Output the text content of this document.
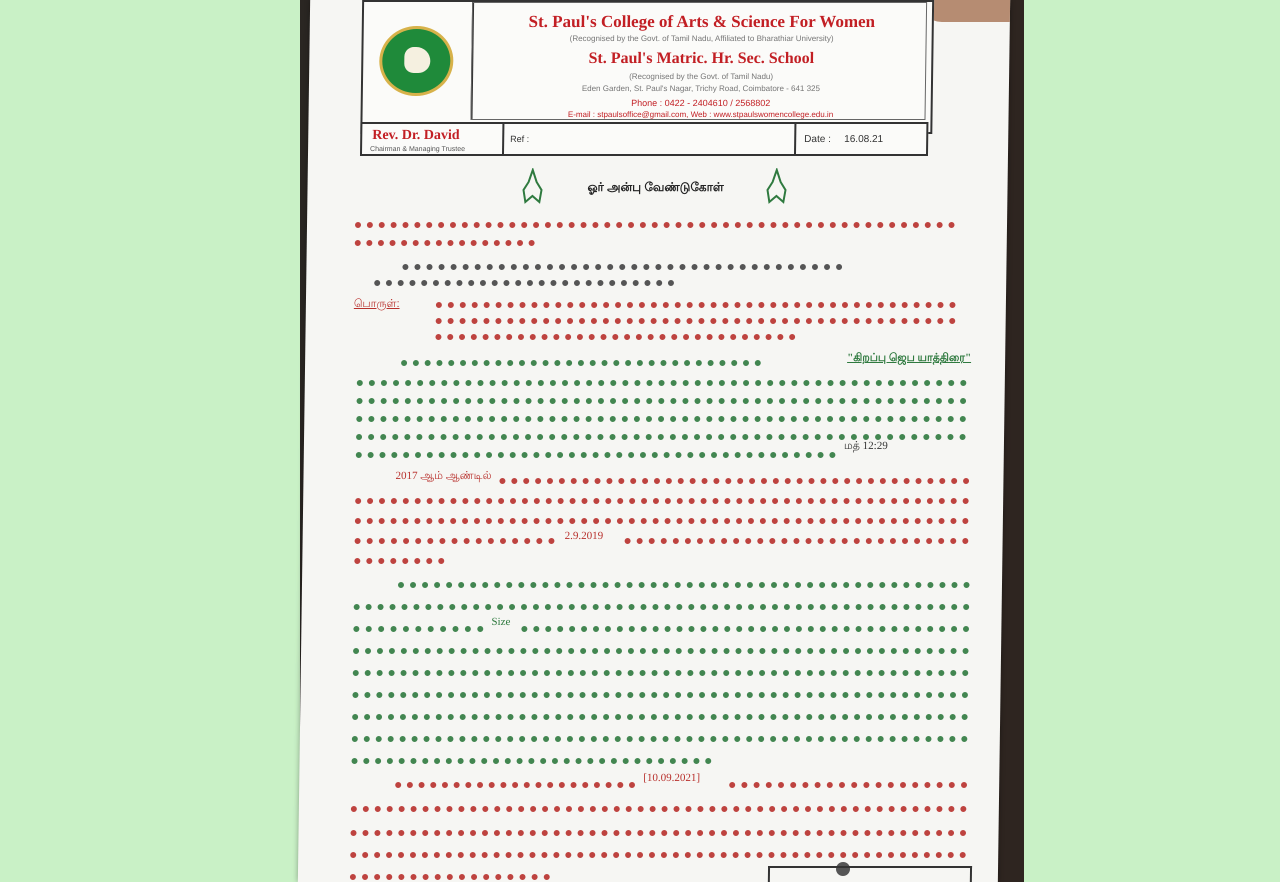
St. Paul's College of Arts & Science For Women
(Recognised by the Govt. of Tamil Nadu, Affiliated to Bharathiar University)
St. Paul's Matric. Hr. Sec. School
(Recognised by the Govt. of Tamil Nadu)
Eden Garden, St. Paul's Nagar, Trichy Road, Coimbatore - 641 325
Phone : 0422 - 2404610 / 2568802
E-mail : stpaulsoffice@gmail.com, Web : www.stpaulswomencollege.edu.in
Rev. Dr. David
Chairman & Managing Trustee
Ref :	Date : 16.08.21
ஓர் அன்பு வேண்டுகோள்
பொருள்:
"கிறப்பு ஜெப யாத்திரை"
மத் 12:29
2017 ஆம் ஆண்டில்
2.9.2019
Size
[10.09.2021]
